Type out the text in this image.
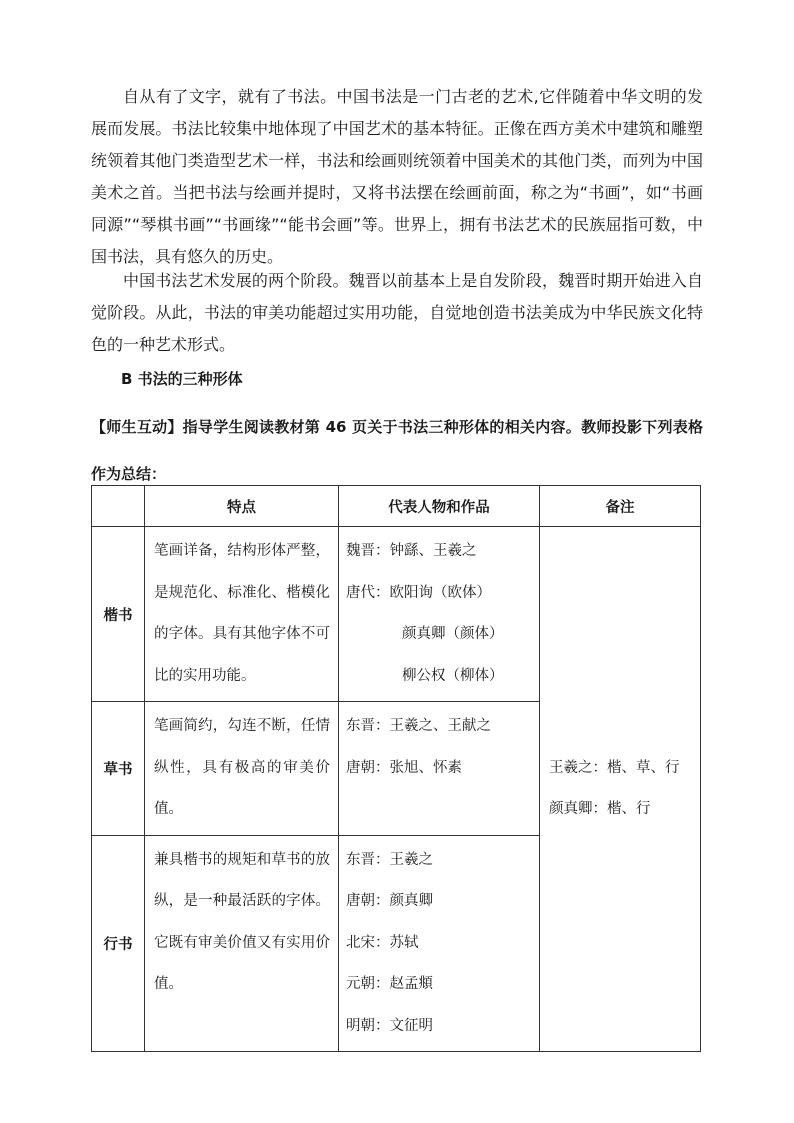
自从有了文字，就有了书法。中国书法是一门古老的艺术,它伴随着中华文明的发展而发展。书法比较集中地体现了中国艺术的基本特征。正像在西方美术中建筑和雕塑统领着其他门类造型艺术一样，书法和绘画则统领着中国美术的其他门类，而列为中国美术之首。当把书法与绘画并提时，又将书法摆在绘画前面，称之为“书画”，如“书画同源”“琴棋书画”“书画缘”“能书会画”等。世界上，拥有书法艺术的民族屈指可数，中国书法，具有悠久的历史。

中国书法艺术发展的两个阶段。魏晋以前基本上是自发阶段，魏晋时期开始进入自觉阶段。从此，书法的审美功能超过实用功能，自觉地创造书法美成为中华民族文化特色的一种艺术形式。

B 书法的三种形体

【师生互动】指导学生阅读教材第 46 页关于书法三种形体的相关内容。教师投影下列表格作为总结：

	特点	代表人物和作品	备注
楷书	笔画详备，结构形体严整，是规范化、标准化、楷模化的字体。具有其他字体不可比的实用功能。	魏晋：钟繇、王羲之
唐代：欧阳询（欧体）
颜真卿（颜体）
柳公权（柳体）	王羲之：楷、草、行
颜真卿：楷、行

草书	笔画简约，勾连不断，任情纵性，具有极高的审美价值。	东晋：王羲之、王献之
唐朝：张旭、怀素	

行书	兼具楷书的规矩和草书的放纵，是一种最活跃的字体。它既有审美价值又有实用价值。	东晋：王羲之
唐朝：颜真卿
北宋：苏轼
元朝：赵孟頫
明朝：文征明	
